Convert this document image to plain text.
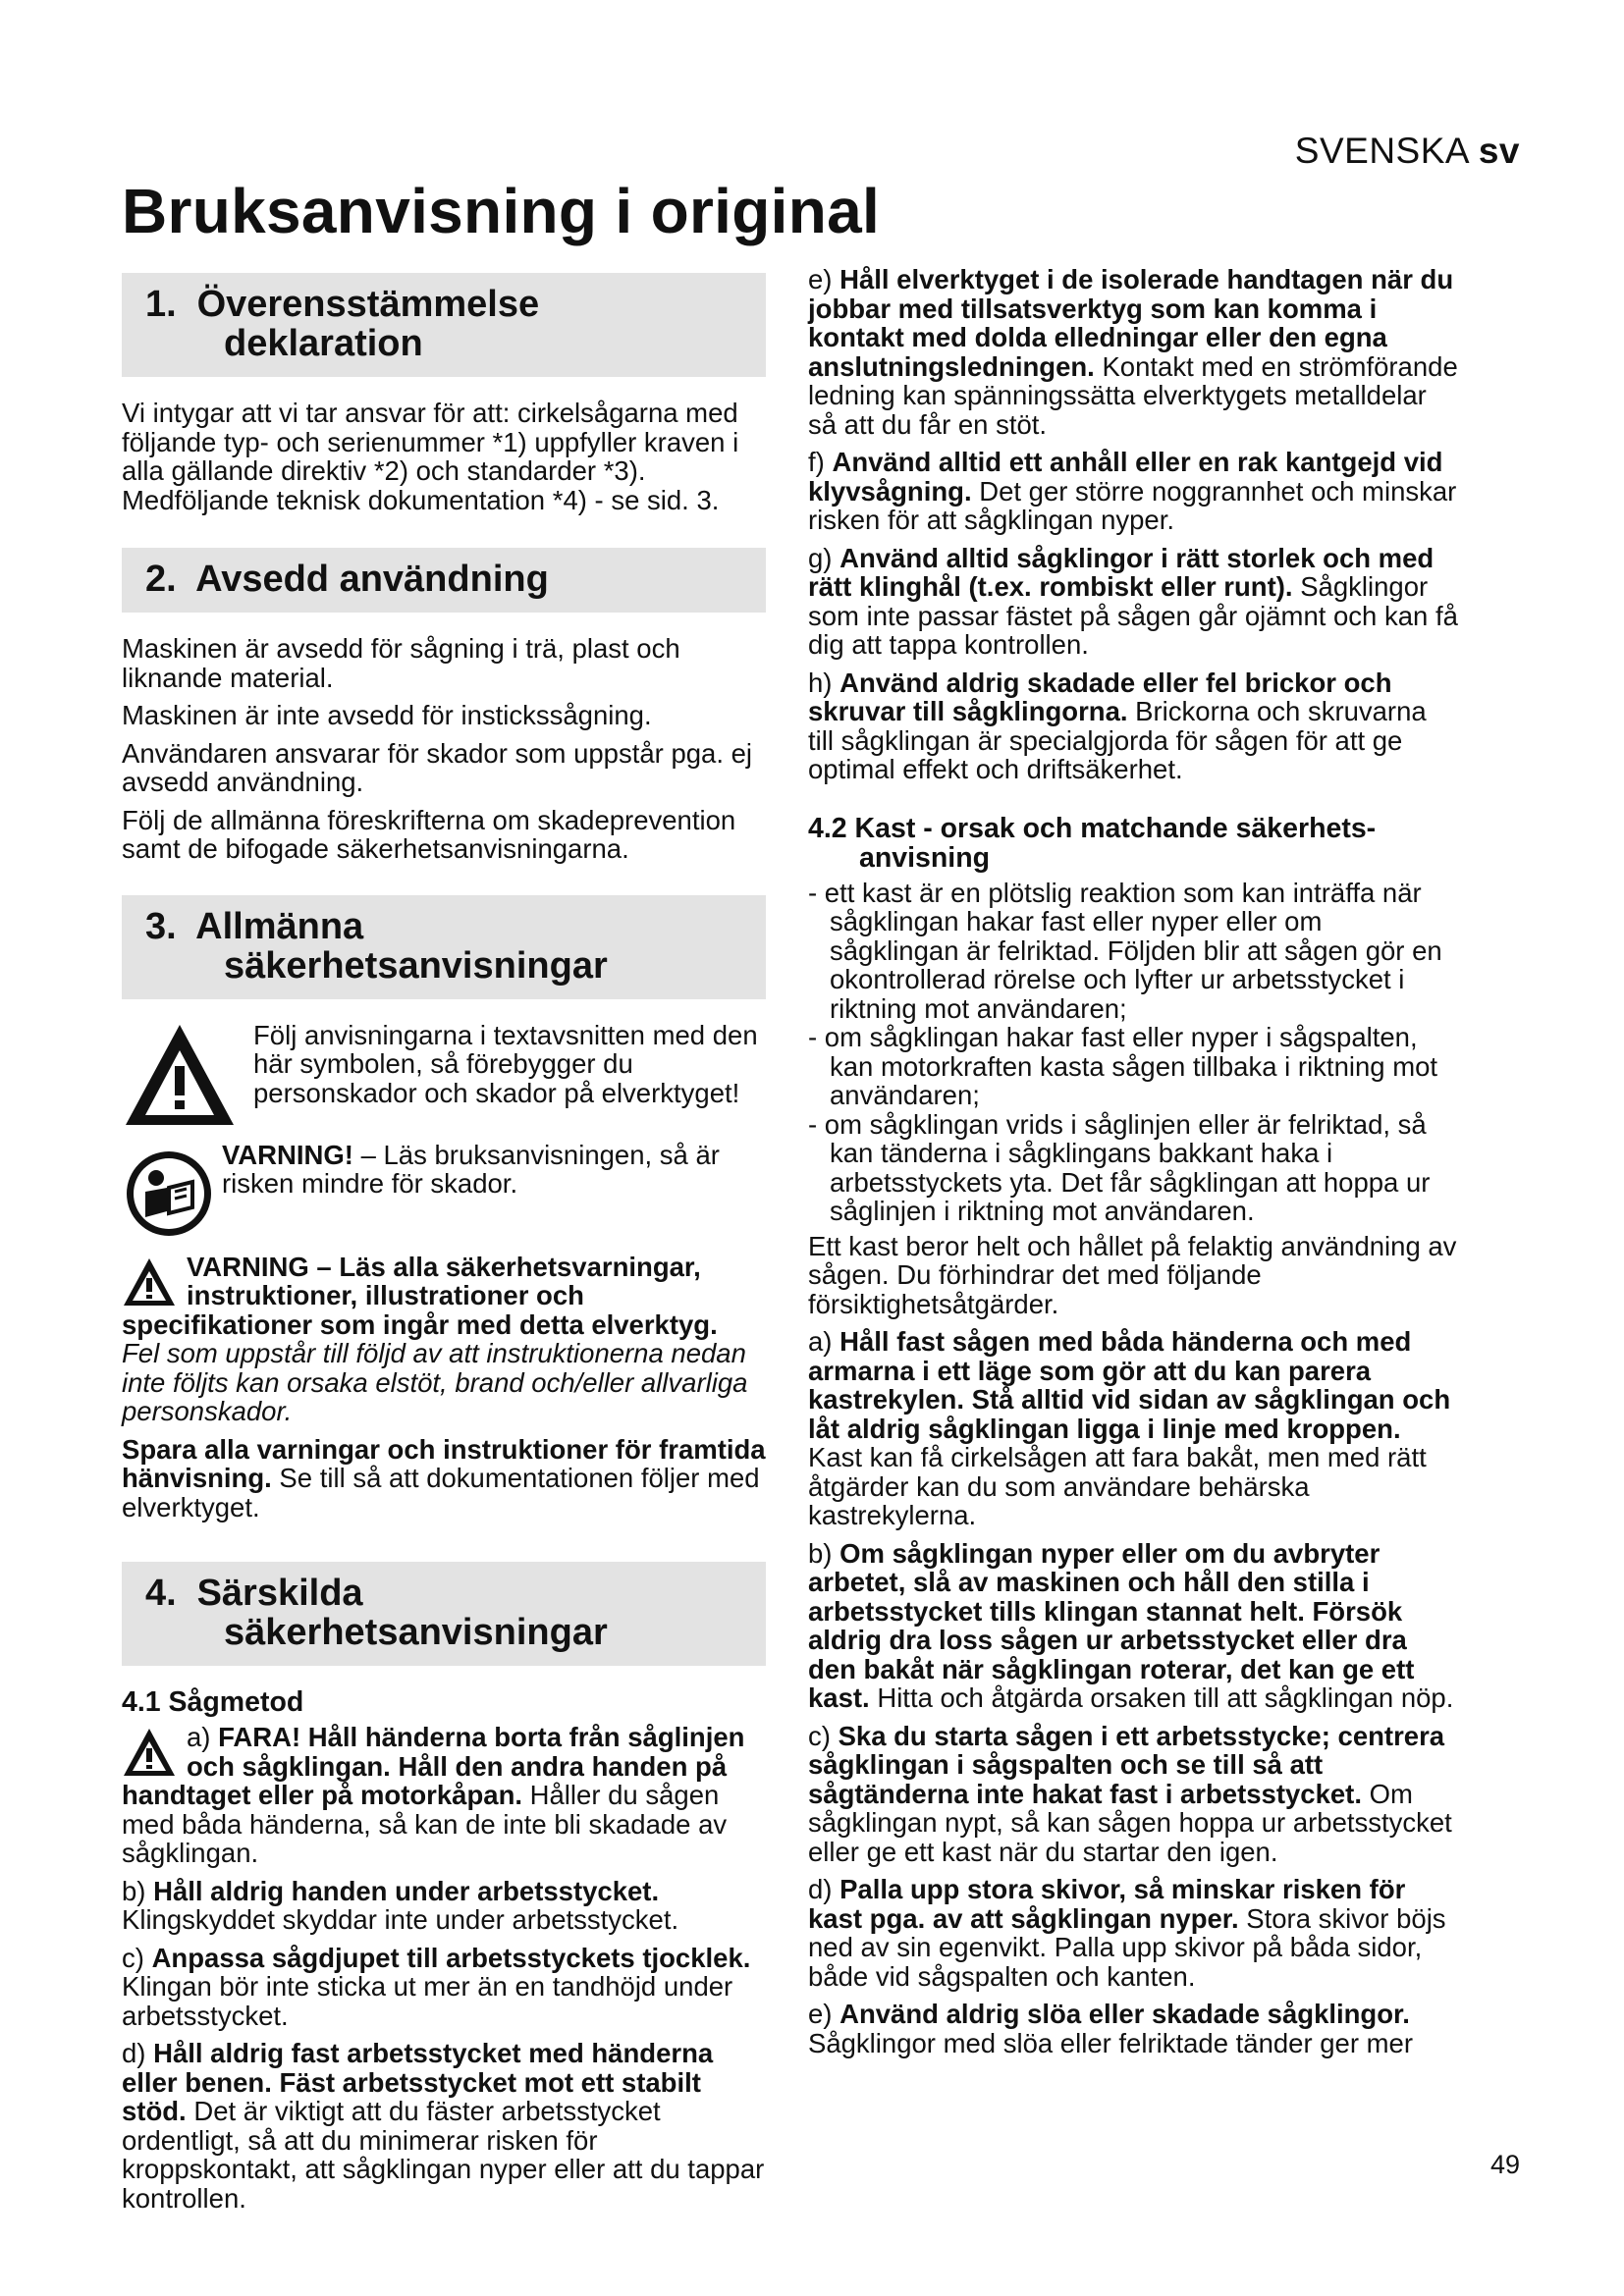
SVENSKA sv
Bruksanvisning i original
1. Överensstämmelse
deklaration

Vi intygar att vi tar ansvar för att: cirkelsågarna med följande typ- och serienummer *1) uppfyller kraven i alla gällande direktiv *2) och standarder *3). Medföljande teknisk dokumentation *4) - se sid. 3.

2. Avsedd användning

Maskinen är avsedd för sågning i trä, plast och liknande material.

Maskinen är inte avsedd för instickssågning.

Användaren ansvarar för skador som uppstår pga. ej avsedd användning.

Följ de allmänna föreskrifterna om skadeprevention samt de bifogade säkerhetsanvisningarna.

3. Allmänna
säkerhetsanvisningar

Följ anvisningarna i textavsnitten med den här symbolen, så förebygger du personskador och skador på elverktyget!

VARNING! – Läs bruksanvisningen, så är risken mindre för skador.

VARNING – Läs alla säkerhetsvarningar, instruktioner, illustrationer och specifikationer som ingår med detta elverktyg.

Fel som uppstår till följd av att instruktionerna nedan inte följts kan orsaka elstöt, brand och/eller allvarliga personskador.

Spara alla varningar och instruktioner för framtida hänvisning. Se till så att dokumentationen följer med elverktyget.

4. Särskilda
säkerhetsanvisningar
4.1 Sågmetod

a) FARA! Håll händerna borta från såglinjen och sågklingan. Håll den andra handen på handtaget eller på motorkåpan. Håller du sågen med båda händerna, så kan de inte bli skadade av sågklingan.

b) Håll aldrig handen under arbetsstycket. Klingskyddet skyddar inte under arbetsstycket.

c) Anpassa sågdjupet till arbetsstyckets tjocklek. Klingan bör inte sticka ut mer än en tandhöjd under arbetsstycket.

d) Håll aldrig fast arbetsstycket med händerna eller benen. Fäst arbetsstycket mot ett stabilt stöd. Det är viktigt att du fäster arbetsstycket ordentligt, så att du minimerar risken för kroppskontakt, att sågklingan nyper eller att du tappar kontrollen.

e) Håll elverktyget i de isolerade handtagen när du jobbar med tillsatsverktyg som kan komma i kontakt med dolda elledningar eller den egna anslutningsledningen. Kontakt med en strömförande ledning kan spänningssätta elverktygets metalldelar så att du får en stöt.

f) Använd alltid ett anhåll eller en rak kantgejd vid klyvsågning. Det ger större noggrannhet och minskar risken för att sågklingan nyper.

g) Använd alltid sågklingor i rätt storlek och med rätt klinghål (t.ex. rombiskt eller runt). Sågklingor som inte passar fästet på sågen går ojämnt och kan få dig att tappa kontrollen.

h) Använd aldrig skadade eller fel brickor och skruvar till sågklingorna. Brickorna och skruvarna till sågklingan är specialgjorda för sågen för att ge optimal effekt och driftsäkerhet.

4.2 Kast - orsak och matchande säkerhets-
anvisning
- ett kast är en plötslig reaktion som kan inträffa när sågklingan hakar fast eller nyper eller om sågklingan är felriktad. Följden blir att sågen gör en okontrollerad rörelse och lyfter ur arbetsstycket i riktning mot användaren;
- om sågklingan hakar fast eller nyper i sågspalten, kan motorkraften kasta sågen tillbaka i riktning mot användaren;
- om sågklingan vrids i såglinjen eller är felriktad, så kan tänderna i sågklingans bakkant haka i arbetsstyckets yta. Det får sågklingan att hoppa ur såglinjen i riktning mot användaren.

Ett kast beror helt och hållet på felaktig användning av sågen. Du förhindrar det med följande försiktighetsåtgärder.

a) Håll fast sågen med båda händerna och med armarna i ett läge som gör att du kan parera kastrekylen. Stå alltid vid sidan av sågklingan och låt aldrig sågklingan ligga i linje med kroppen. Kast kan få cirkelsågen att fara bakåt, men med rätt åtgärder kan du som användare behärska kastrekylerna.

b) Om sågklingan nyper eller om du avbryter arbetet, slå av maskinen och håll den stilla i arbetsstycket tills klingan stannat helt. Försök aldrig dra loss sågen ur arbetsstycket eller dra den bakåt när sågklingan roterar, det kan ge ett kast. Hitta och åtgärda orsaken till att sågklingan nöp.

c) Ska du starta sågen i ett arbetsstycke; centrera sågklingan i sågspalten och se till så att sågtänderna inte hakat fast i arbetsstycket. Om sågklingan nypt, så kan sågen hoppa ur arbetsstycket eller ge ett kast när du startar den igen.

d) Palla upp stora skivor, så minskar risken för kast pga. av att sågklingan nyper. Stora skivor böjs ned av sin egenvikt. Palla upp skivor på båda sidor, både vid sågspalten och kanten.

e) Använd aldrig slöa eller skadade sågklingor. Sågklingor med slöa eller felriktade tänder ger mer

49
